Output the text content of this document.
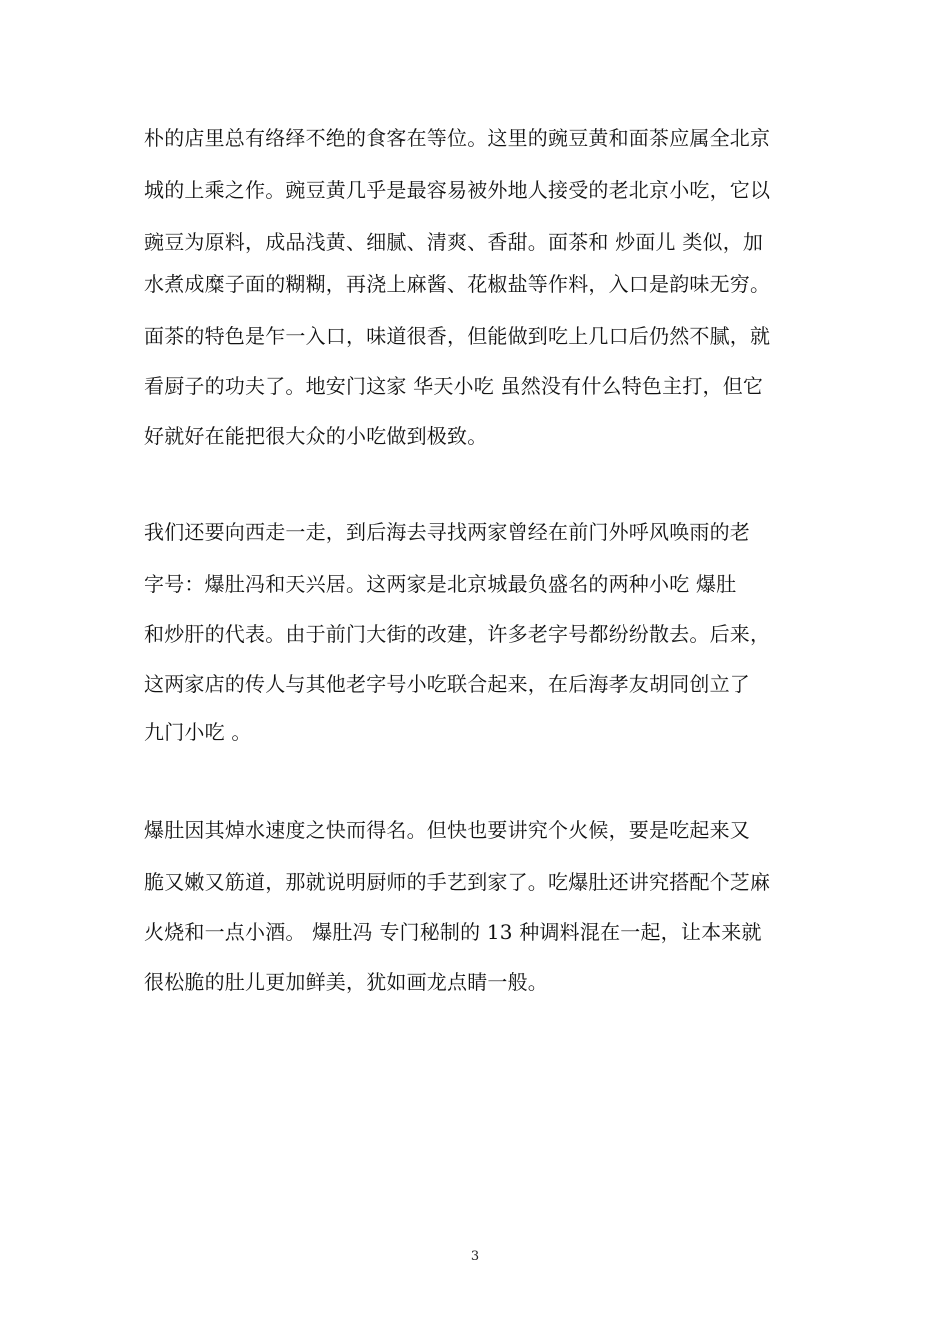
朴的店里总有络绎不绝的食客在等位。这里的豌豆黄和面茶应属全北京
城的上乘之作。豌豆黄几乎是最容易被外地人接受的老北京小吃，它以
豌豆为原料，成品浅黄、细腻、清爽、香甜。面茶和 炒面儿 类似，加
水煮成糜子面的糊糊，再浇上麻酱、花椒盐等作料，入口是韵味无穷。
面茶的特色是乍一入口，味道很香，但能做到吃上几口后仍然不腻，就
看厨子的功夫了。地安门这家 华天小吃 虽然没有什么特色主打，但它
好就好在能把很大众的小吃做到极致。
我们还要向西走一走，到后海去寻找两家曾经在前门外呼风唤雨的老
字号：爆肚冯和天兴居。这两家是北京城最负盛名的两种小吃 爆肚
和炒肝的代表。由于前门大街的改建，许多老字号都纷纷散去。后来，
这两家店的传人与其他老字号小吃联合起来，在后海孝友胡同创立了
九门小吃 。
爆肚因其焯水速度之快而得名。但快也要讲究个火候，要是吃起来又
脆又嫩又筋道，那就说明厨师的手艺到家了。吃爆肚还讲究搭配个芝麻
火烧和一点小酒。 爆肚冯 专门秘制的 13 种调料混在一起，让本来就
很松脆的肚儿更加鲜美，犹如画龙点睛一般。
3
